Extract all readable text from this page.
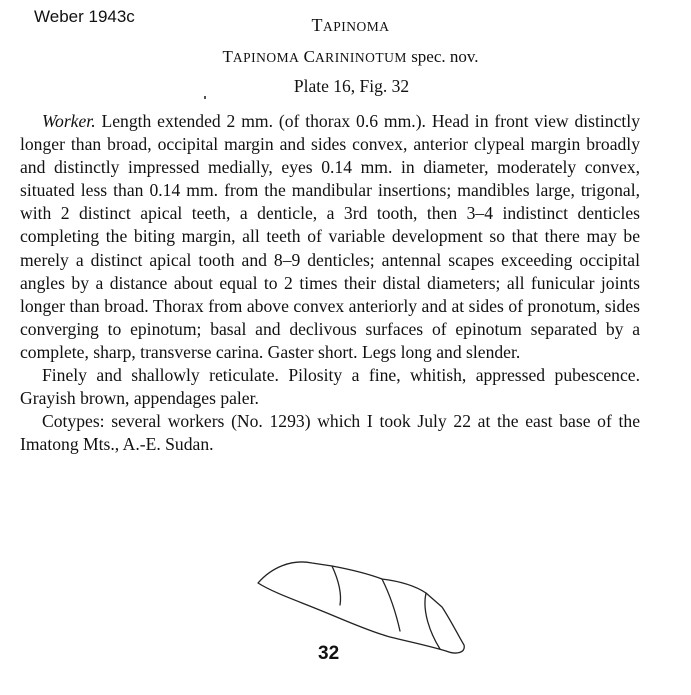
Weber 1943c	TAPINOMA
TAPINOMA CARININOTUM spec. nov.
Plate 16, Fig. 32

Worker. Length extended 2 mm. (of thorax 0.6 mm.). Head in front view distinctly longer than broad, occipital margin and sides convex, anterior clypeal margin broadly and distinctly impressed medially, eyes 0.14 mm. in diameter, moderately convex, situated less than 0.14 mm. from the mandibular insertions; mandibles large, trigonal, with 2 distinct apical teeth, a denticle, a 3rd tooth, then 3–4 indistinct denticles completing the biting margin, all teeth of variable development so that there may be merely a distinct apical tooth and 8–9 denticles; antennal scapes exceeding occipital angles by a distance about equal to 2 times their distal diameters; all funicular joints longer than broad. Thorax from above convex anteriorly and at sides of pronotum, sides converging to epinotum; basal and declivous surfaces of epinotum separated by a complete, sharp, transverse carina. Gaster short. Legs long and slender.

Finely and shallowly reticulate. Pilosity a fine, whitish, appressed pubescence. Grayish brown, appendages paler.

Cotypes: several workers (No. 1293) which I took July 22 at the east base of the Imatong Mts., A.-E. Sudan.

32
